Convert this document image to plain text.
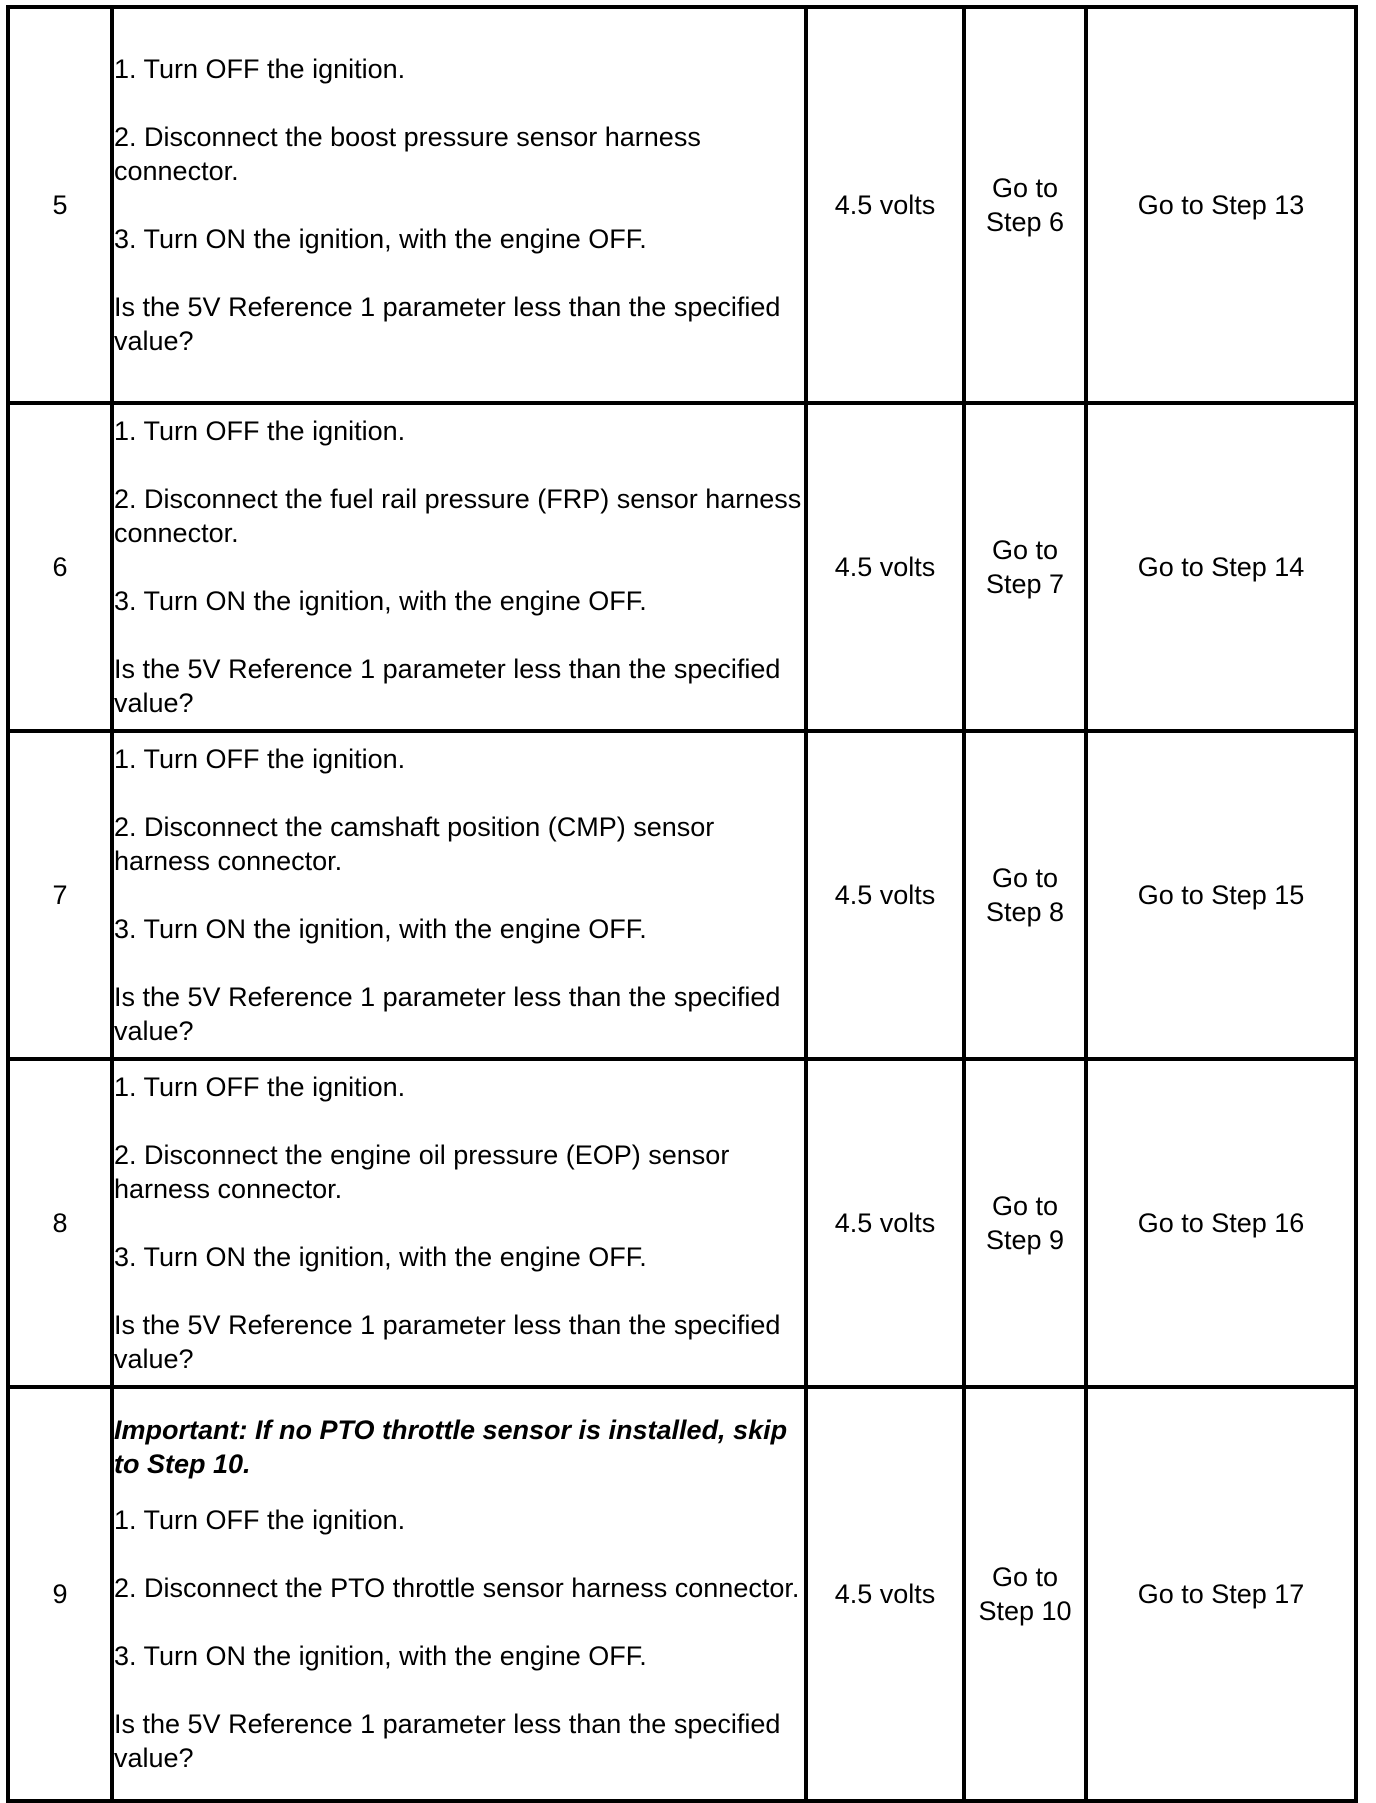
5	1. Turn OFF the ignition.
2. Disconnect the boost pressure sensor harness connector.
3. Turn ON the ignition, with the engine OFF.
Is the 5V Reference 1 parameter less than the specified value?	4.5 volts	Go to Step 6	Go to Step 13
6	1. Turn OFF the ignition.
2. Disconnect the fuel rail pressure (FRP) sensor harness connector.
3. Turn ON the ignition, with the engine OFF.
Is the 5V Reference 1 parameter less than the specified value?	4.5 volts	Go to Step 7	Go to Step 14
7	1. Turn OFF the ignition.
2. Disconnect the camshaft position (CMP) sensor harness connector.
3. Turn ON the ignition, with the engine OFF.
Is the 5V Reference 1 parameter less than the specified value?	4.5 volts	Go to Step 8	Go to Step 15
8	1. Turn OFF the ignition.
2. Disconnect the engine oil pressure (EOP) sensor harness connector.
3. Turn ON the ignition, with the engine OFF.
Is the 5V Reference 1 parameter less than the specified value?	4.5 volts	Go to Step 9	Go to Step 16
9	Important: If no PTO throttle sensor is installed, skip to Step 10.
1. Turn OFF the ignition.
2. Disconnect the PTO throttle sensor harness connector.
3. Turn ON the ignition, with the engine OFF.
Is the 5V Reference 1 parameter less than the specified value?	4.5 volts	Go to Step 10	Go to Step 17
